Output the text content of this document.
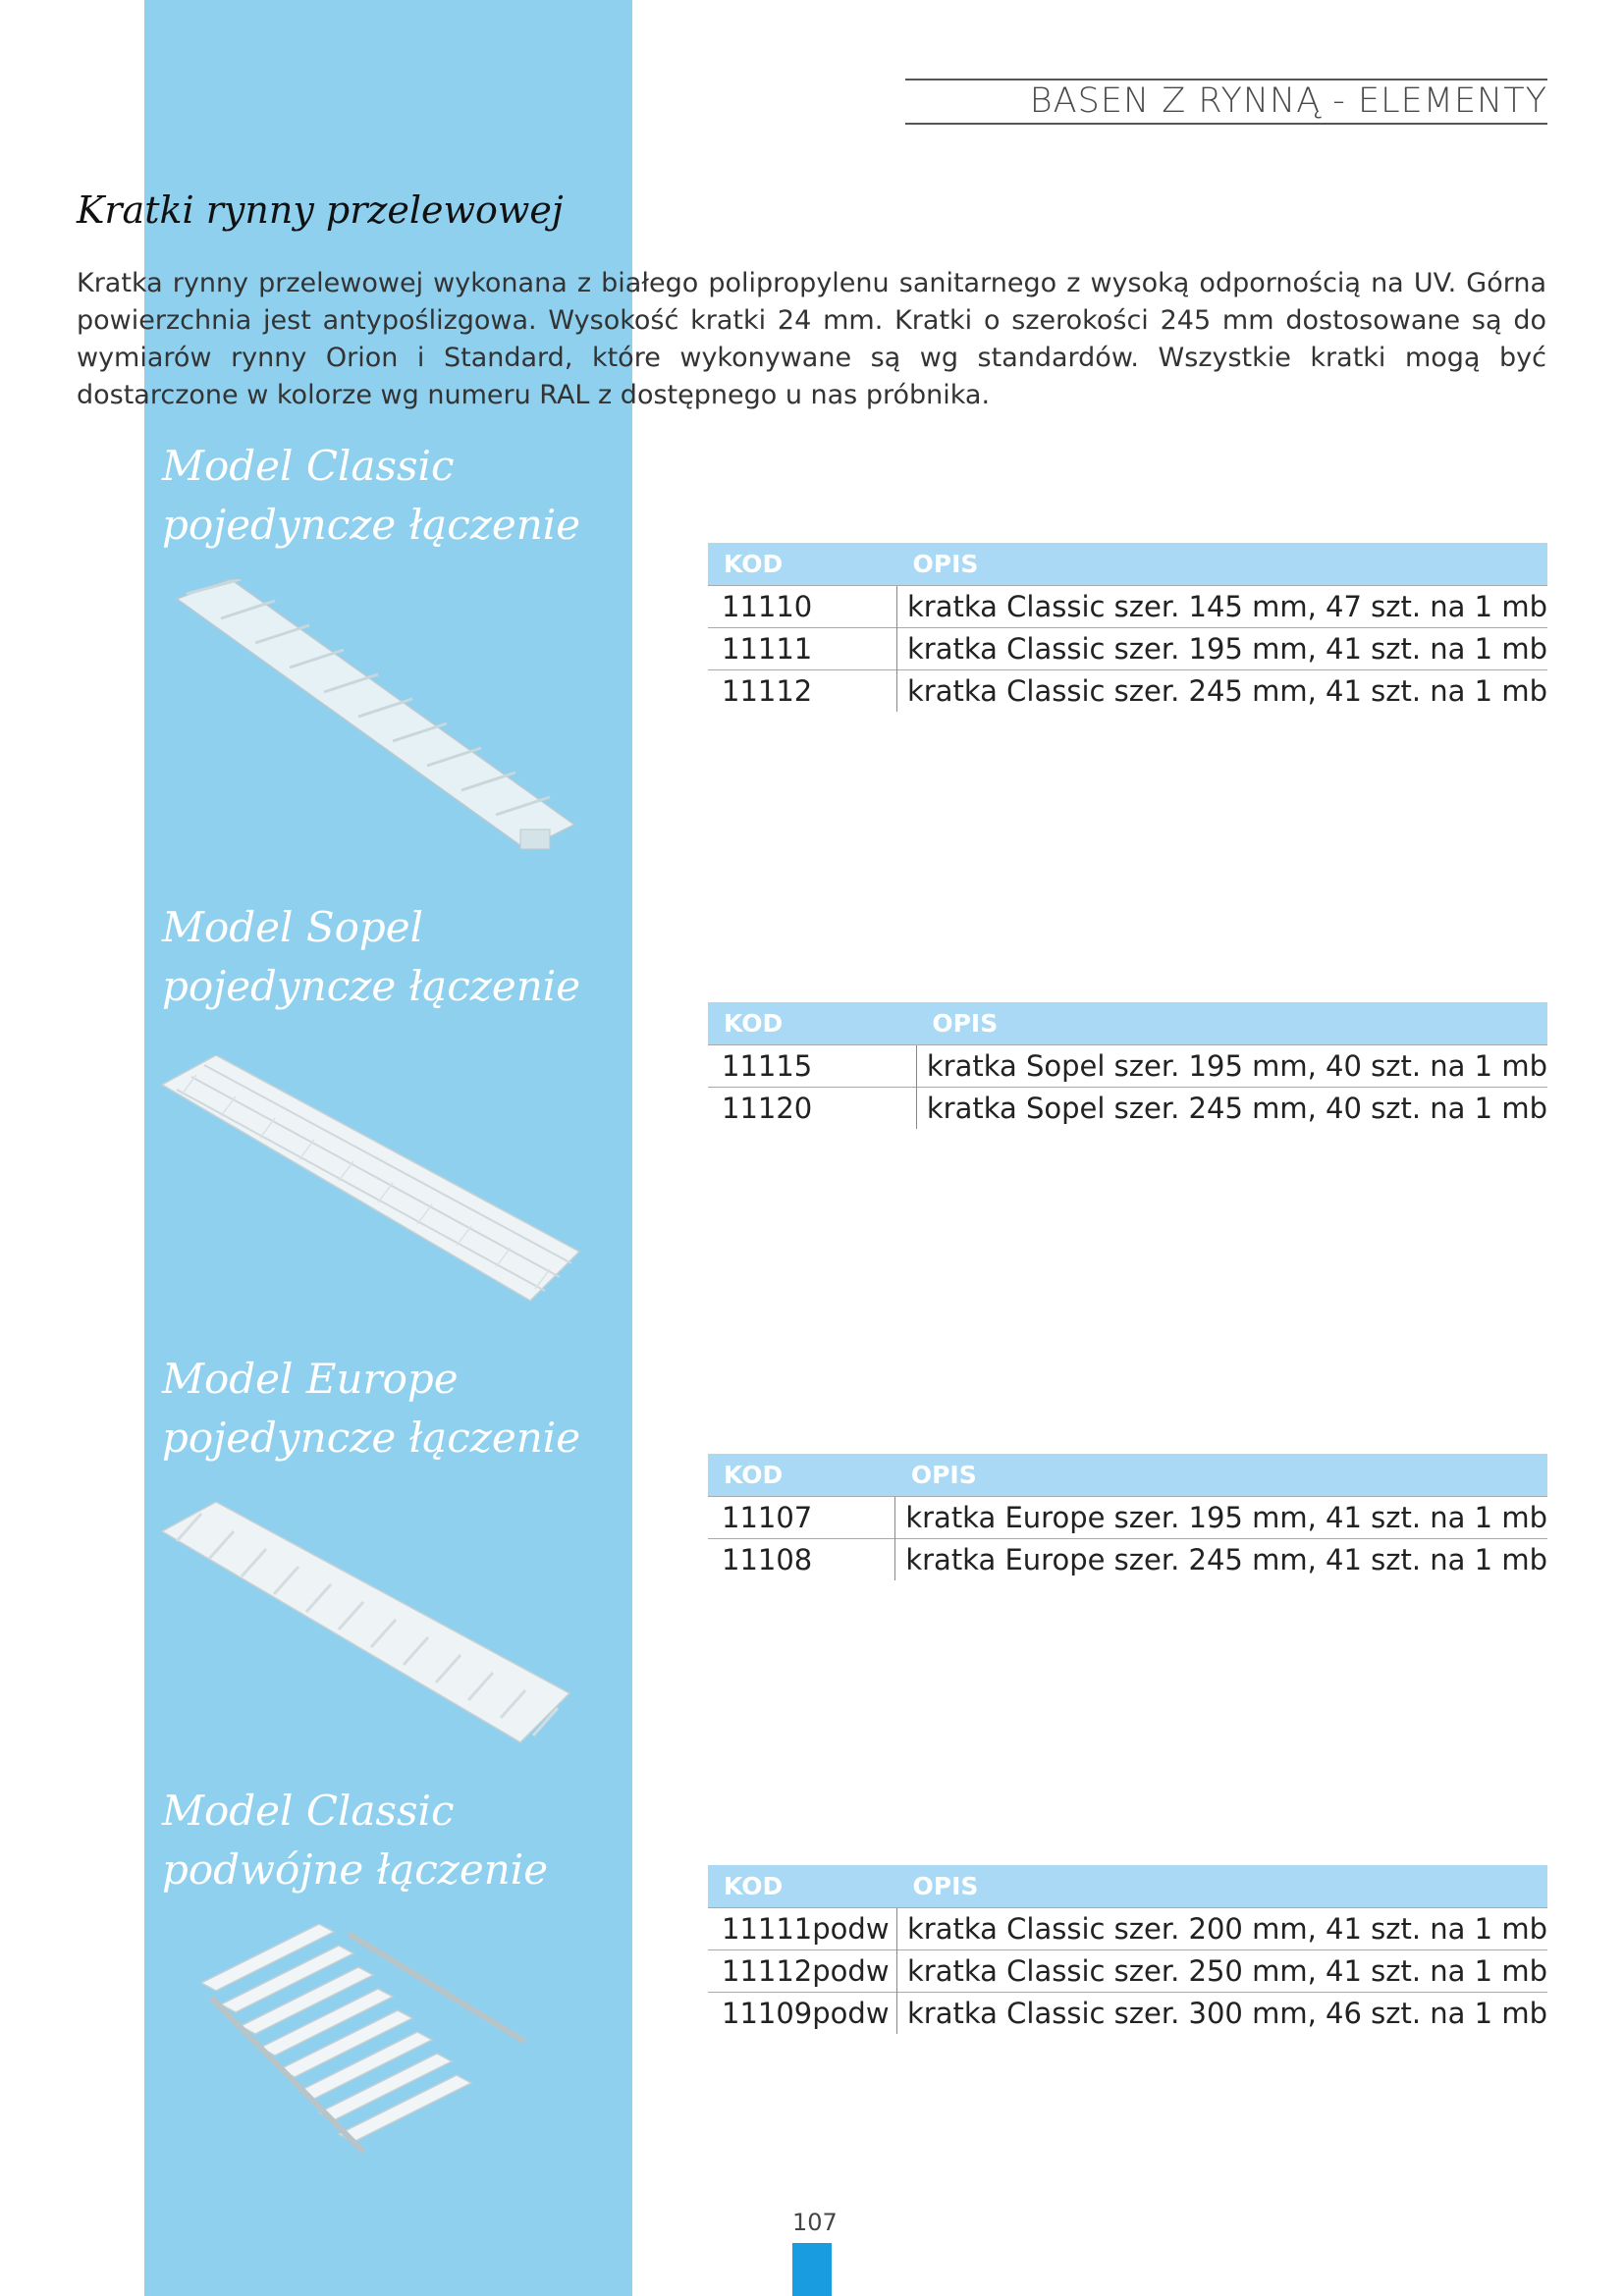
BASEN Z RYNNĄ - ELEMENTY
Kratki rynny przelewowej
Kratka rynny przelewowej wykonana z białego polipropylenu sanitarnego z wysoką odpornością na UV. Górna powierzchnia jest antypoślizgowa. Wysokość kratki 24 mm. Kratki o szerokości 245 mm dostosowane są do wymiarów rynny Orion i Standard, które wykonywane są wg standardów. Wszystkie kratki mogą być dostarczone w kolorze wg numeru RAL z dostępnego u nas próbnika.
Model Classic
pojedyncze łączenie
KOD	OPIS
11110	kratka Classic szer. 145 mm, 47 szt. na 1 mb
11111	kratka Classic szer. 195 mm, 41 szt. na 1 mb
11112	kratka Classic szer. 245 mm, 41 szt. na 1 mb
Model Sopel
pojedyncze łączenie
KOD	OPIS
11115	kratka Sopel szer. 195 mm, 40 szt. na 1 mb
11120	kratka Sopel szer. 245 mm, 40 szt. na 1 mb
Model Europe
pojedyncze łączenie
KOD	OPIS
11107	kratka Europe szer. 195 mm, 41 szt. na 1 mb
11108	kratka Europe szer. 245 mm, 41 szt. na 1 mb
Model Classic
podwójne łączenie	KOD	OPIS
11111podw	kratka Classic szer. 200 mm, 41 szt. na 1 mb
11112podw	kratka Classic szer. 250 mm, 41 szt. na 1 mb
11109podw	kratka Classic szer. 300 mm, 46 szt. na 1 mb
107
